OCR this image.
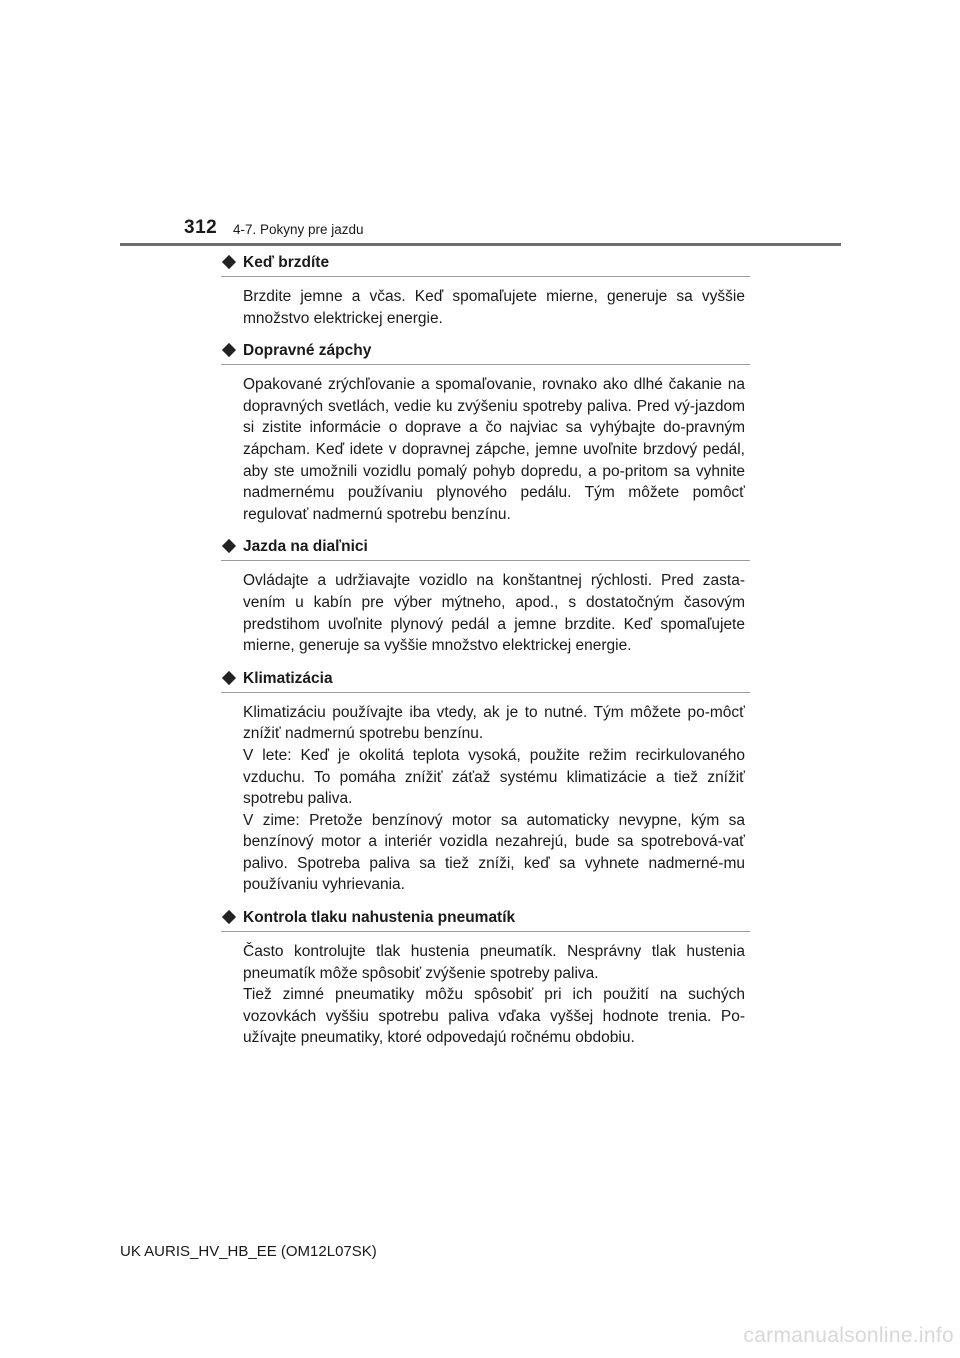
312 4-7. Pokyny pre jazdu
Keď brzdíte

Brzdite jemne a včas. Keď spomaľujete mierne, generuje sa vyššie množstvo elektrickej energie.

Dopravné zápchy

Opakované zrýchľovanie a spomaľovanie, rovnako ako dlhé čakanie na dopravných svetlách, vedie ku zvýšeniu spotreby paliva. Pred vý-jazdom si zistite informácie o doprave a čo najviac sa vyhýbajte do-pravným zápcham. Keď idete v dopravnej zápche, jemne uvoľnite brzdový pedál, aby ste umožnili vozidlu pomalý pohyb dopredu, a po-pritom sa vyhnite nadmernému používaniu plynového pedálu. Tým môžete pomôcť regulovať nadmernú spotrebu benzínu.

Jazda na diaľnici

Ovládajte a udržiavajte vozidlo na konštantnej rýchlosti. Pred zasta-vením u kabín pre výber mýtneho, apod., s dostatočným časovým predstihom uvoľnite plynový pedál a jemne brzdite. Keď spomaľujete mierne, generuje sa vyššie množstvo elektrickej energie.

Klimatizácia

Klimatizáciu používajte iba vtedy, ak je to nutné. Tým môžete po-môcť znížiť nadmernú spotrebu benzínu.

V lete: Keď je okolitá teplota vysoká, použite režim recirkulovaného vzduchu. To pomáha znížiť záťaž systému klimatizácie a tiež znížiť spotrebu paliva.

V zime: Pretože benzínový motor sa automaticky nevypne, kým sa benzínový motor a interiér vozidla nezahrejú, bude sa spotrebová-vať palivo. Spotreba paliva sa tiež zníži, keď sa vyhnete nadmerné-mu používaniu vyhrievania.

Kontrola tlaku nahustenia pneumatík

Často kontrolujte tlak hustenia pneumatík. Nesprávny tlak hustenia pneumatík môže spôsobiť zvýšenie spotreby paliva.

Tiež zimné pneumatiky môžu spôsobiť pri ich použití na suchých vozovkách vyššiu spotrebu paliva vďaka vyššej hodnote trenia. Po-užívajte pneumatiky, ktoré odpovedajú ročnému obdobiu.

UK AURIS_HV_HB_EE (OM12L07SK)
carmanualsonline.info
